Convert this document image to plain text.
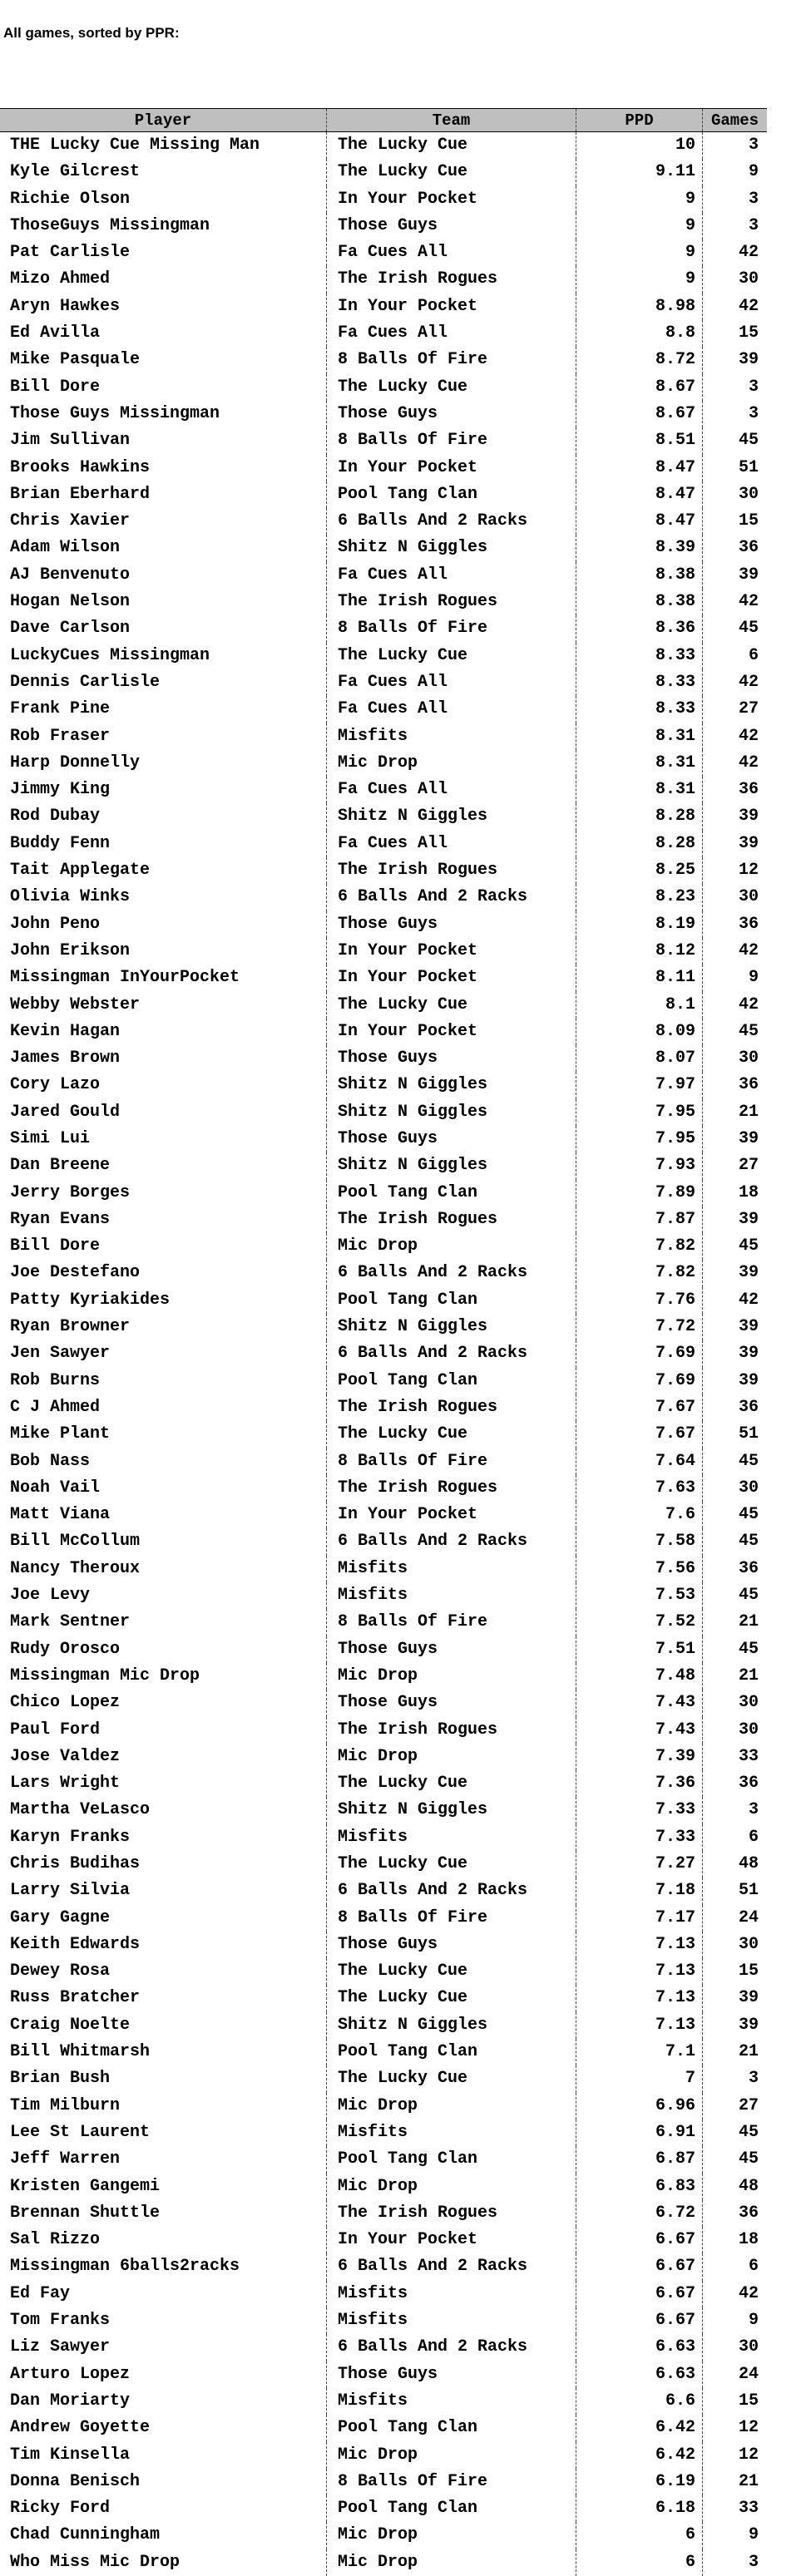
All games, sorted by PPR:
Player	Team	PPD	Games
THE Lucky Cue Missing Man	The Lucky Cue	10	3
Kyle Gilcrest	The Lucky Cue	9.11	9
Richie Olson	In Your Pocket	9	3
ThoseGuys Missingman	Those Guys	9	3
Pat Carlisle	Fa Cues All	9	42
Mizo Ahmed	The Irish Rogues	9	30
Aryn Hawkes	In Your Pocket	8.98	42
Ed Avilla	Fa Cues All	8.8	15
Mike Pasquale	8 Balls Of Fire	8.72	39
Bill Dore	The Lucky Cue	8.67	3
Those Guys Missingman	Those Guys	8.67	3
Jim Sullivan	8 Balls Of Fire	8.51	45
Brooks Hawkins	In Your Pocket	8.47	51
Brian Eberhard	Pool Tang Clan	8.47	30
Chris Xavier	6 Balls And 2 Racks	8.47	15
Adam Wilson	Shitz N Giggles	8.39	36
AJ Benvenuto	Fa Cues All	8.38	39
Hogan Nelson	The Irish Rogues	8.38	42
Dave Carlson	8 Balls Of Fire	8.36	45
LuckyCues Missingman	The Lucky Cue	8.33	6
Dennis Carlisle	Fa Cues All	8.33	42
Frank Pine	Fa Cues All	8.33	27
Rob Fraser	Misfits	8.31	42
Harp Donnelly	Mic Drop	8.31	42
Jimmy King	Fa Cues All	8.31	36
Rod Dubay	Shitz N Giggles	8.28	39
Buddy Fenn	Fa Cues All	8.28	39
Tait Applegate	The Irish Rogues	8.25	12
Olivia Winks	6 Balls And 2 Racks	8.23	30
John Peno	Those Guys	8.19	36
John Erikson	In Your Pocket	8.12	42
Missingman InYourPocket	In Your Pocket	8.11	9
Webby Webster	The Lucky Cue	8.1	42
Kevin Hagan	In Your Pocket	8.09	45
James Brown	Those Guys	8.07	30
Cory Lazo	Shitz N Giggles	7.97	36
Jared Gould	Shitz N Giggles	7.95	21
Simi Lui	Those Guys	7.95	39
Dan Breene	Shitz N Giggles	7.93	27
Jerry Borges	Pool Tang Clan	7.89	18
Ryan Evans	The Irish Rogues	7.87	39
Bill Dore	Mic Drop	7.82	45
Joe Destefano	6 Balls And 2 Racks	7.82	39
Patty Kyriakides	Pool Tang Clan	7.76	42
Ryan Browner	Shitz N Giggles	7.72	39
Jen Sawyer	6 Balls And 2 Racks	7.69	39
Rob Burns	Pool Tang Clan	7.69	39
C J Ahmed	The Irish Rogues	7.67	36
Mike Plant	The Lucky Cue	7.67	51
Bob Nass	8 Balls Of Fire	7.64	45
Noah Vail	The Irish Rogues	7.63	30
Matt Viana	In Your Pocket	7.6	45
Bill McCollum	6 Balls And 2 Racks	7.58	45
Nancy Theroux	Misfits	7.56	36
Joe Levy	Misfits	7.53	45
Mark Sentner	8 Balls Of Fire	7.52	21
Rudy Orosco	Those Guys	7.51	45
Missingman Mic Drop	Mic Drop	7.48	21
Chico Lopez	Those Guys	7.43	30
Paul Ford	The Irish Rogues	7.43	30
Jose Valdez	Mic Drop	7.39	33
Lars Wright	The Lucky Cue	7.36	36
Martha VeLasco	Shitz N Giggles	7.33	3
Karyn Franks	Misfits	7.33	6
Chris Budihas	The Lucky Cue	7.27	48
Larry Silvia	6 Balls And 2 Racks	7.18	51
Gary Gagne	8 Balls Of Fire	7.17	24
Keith Edwards	Those Guys	7.13	30
Dewey Rosa	The Lucky Cue	7.13	15
Russ Bratcher	The Lucky Cue	7.13	39
Craig Noelte	Shitz N Giggles	7.13	39
Bill Whitmarsh	Pool Tang Clan	7.1	21
Brian Bush	The Lucky Cue	7	3
Tim Milburn	Mic Drop	6.96	27
Lee St Laurent	Misfits	6.91	45
Jeff Warren	Pool Tang Clan	6.87	45
Kristen Gangemi	Mic Drop	6.83	48
Brennan Shuttle	The Irish Rogues	6.72	36
Sal Rizzo	In Your Pocket	6.67	18
Missingman 6balls2racks	6 Balls And 2 Racks	6.67	6
Ed Fay	Misfits	6.67	42
Tom Franks	Misfits	6.67	9
Liz Sawyer	6 Balls And 2 Racks	6.63	30
Arturo Lopez	Those Guys	6.63	24
Dan Moriarty	Misfits	6.6	15
Andrew Goyette	Pool Tang Clan	6.42	12
Tim Kinsella	Mic Drop	6.42	12
Donna Benisch	8 Balls Of Fire	6.19	21
Ricky Ford	Pool Tang Clan	6.18	33
Chad Cunningham	Mic Drop	6	9
Who Miss Mic Drop	Mic Drop	6	3
